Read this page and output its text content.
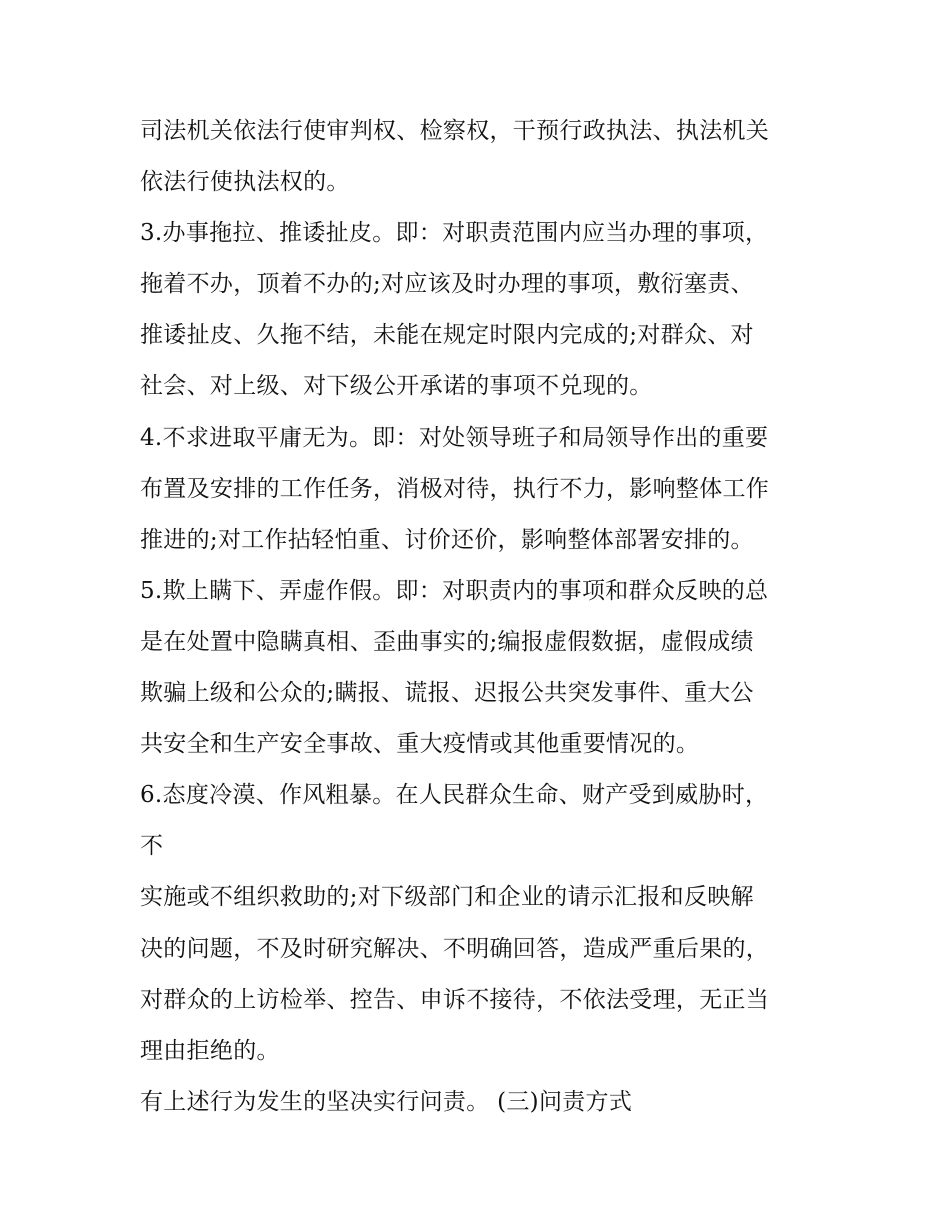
司法机关依法行使审判权、检察权，干预行政执法、执法机关
依法行使执法权的。
3.办事拖拉、推诿扯皮。即：对职责范围内应当办理的事项，
拖着不办，顶着不办的;对应该及时办理的事项，敷衍塞责、
推诿扯皮、久拖不结，未能在规定时限内完成的;对群众、对
社会、对上级、对下级公开承诺的事项不兑现的。
4.不求进取平庸无为。即：对处领导班子和局领导作出的重要
布置及安排的工作任务，消极对待，执行不力，影响整体工作
推进的;对工作拈轻怕重、讨价还价，影响整体部署安排的。
5.欺上瞒下、弄虚作假。即：对职责内的事项和群众反映的总
是在处置中隐瞒真相、歪曲事实的;编报虚假数据，虚假成绩
欺骗上级和公众的;瞒报、谎报、迟报公共突发事件、重大公
共安全和生产安全事故、重大疫情或其他重要情况的。
6.态度冷漠、作风粗暴。在人民群众生命、财产受到威胁时，
不
实施或不组织救助的;对下级部门和企业的请示汇报和反映解
决的问题，不及时研究解决、不明确回答，造成严重后果的，
对群众的上访检举、控告、申诉不接待，不依法受理，无正当
理由拒绝的。
有上述行为发生的坚决实行问责。 (三)问责方式
